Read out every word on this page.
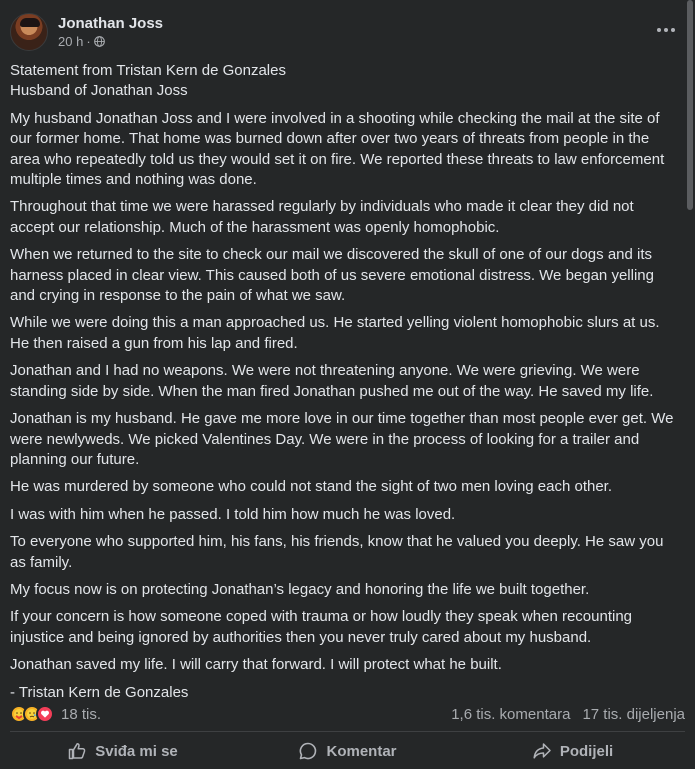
Jonathan Joss
20 h ·

Statement from Tristan Kern de Gonzales
Husband of Jonathan Joss

My husband Jonathan Joss and I were involved in a shooting while checking the mail at the site of our former home. That home was burned down after over two years of threats from people in the area who repeatedly told us they would set it on fire. We reported these threats to law enforcement multiple times and nothing was done.

Throughout that time we were harassed regularly by individuals who made it clear they did not accept our relationship. Much of the harassment was openly homophobic.

When we returned to the site to check our mail we discovered the skull of one of our dogs and its harness placed in clear view. This caused both of us severe emotional distress. We began yelling and crying in response to the pain of what we saw.

While we were doing this a man approached us. He started yelling violent homophobic slurs at us. He then raised a gun from his lap and fired.

Jonathan and I had no weapons. We were not threatening anyone. We were grieving. We were standing side by side. When the man fired Jonathan pushed me out of the way. He saved my life.

Jonathan is my husband. He gave me more love in our time together than most people ever get. We were newlyweds. We picked Valentines Day. We were in the process of looking for a trailer and planning our future.

He was murdered by someone who could not stand the sight of two men loving each other.

I was with him when he passed. I told him how much he was loved.

To everyone who supported him, his fans, his friends, know that he valued you deeply. He saw you as family.

My focus now is on protecting Jonathan’s legacy and honoring the life we built together.

If your concern is how someone coped with trauma or how loudly they speak when recounting injustice and being ignored by authorities then you never truly cared about my husband.

Jonathan saved my life. I will carry that forward. I will protect what he built.

- Tristan Kern de Gonzales

18 tis.	1,6 tis. komentara 17 tis. dijeljenja
Sviđa mi se	Komentar	Podijeli
